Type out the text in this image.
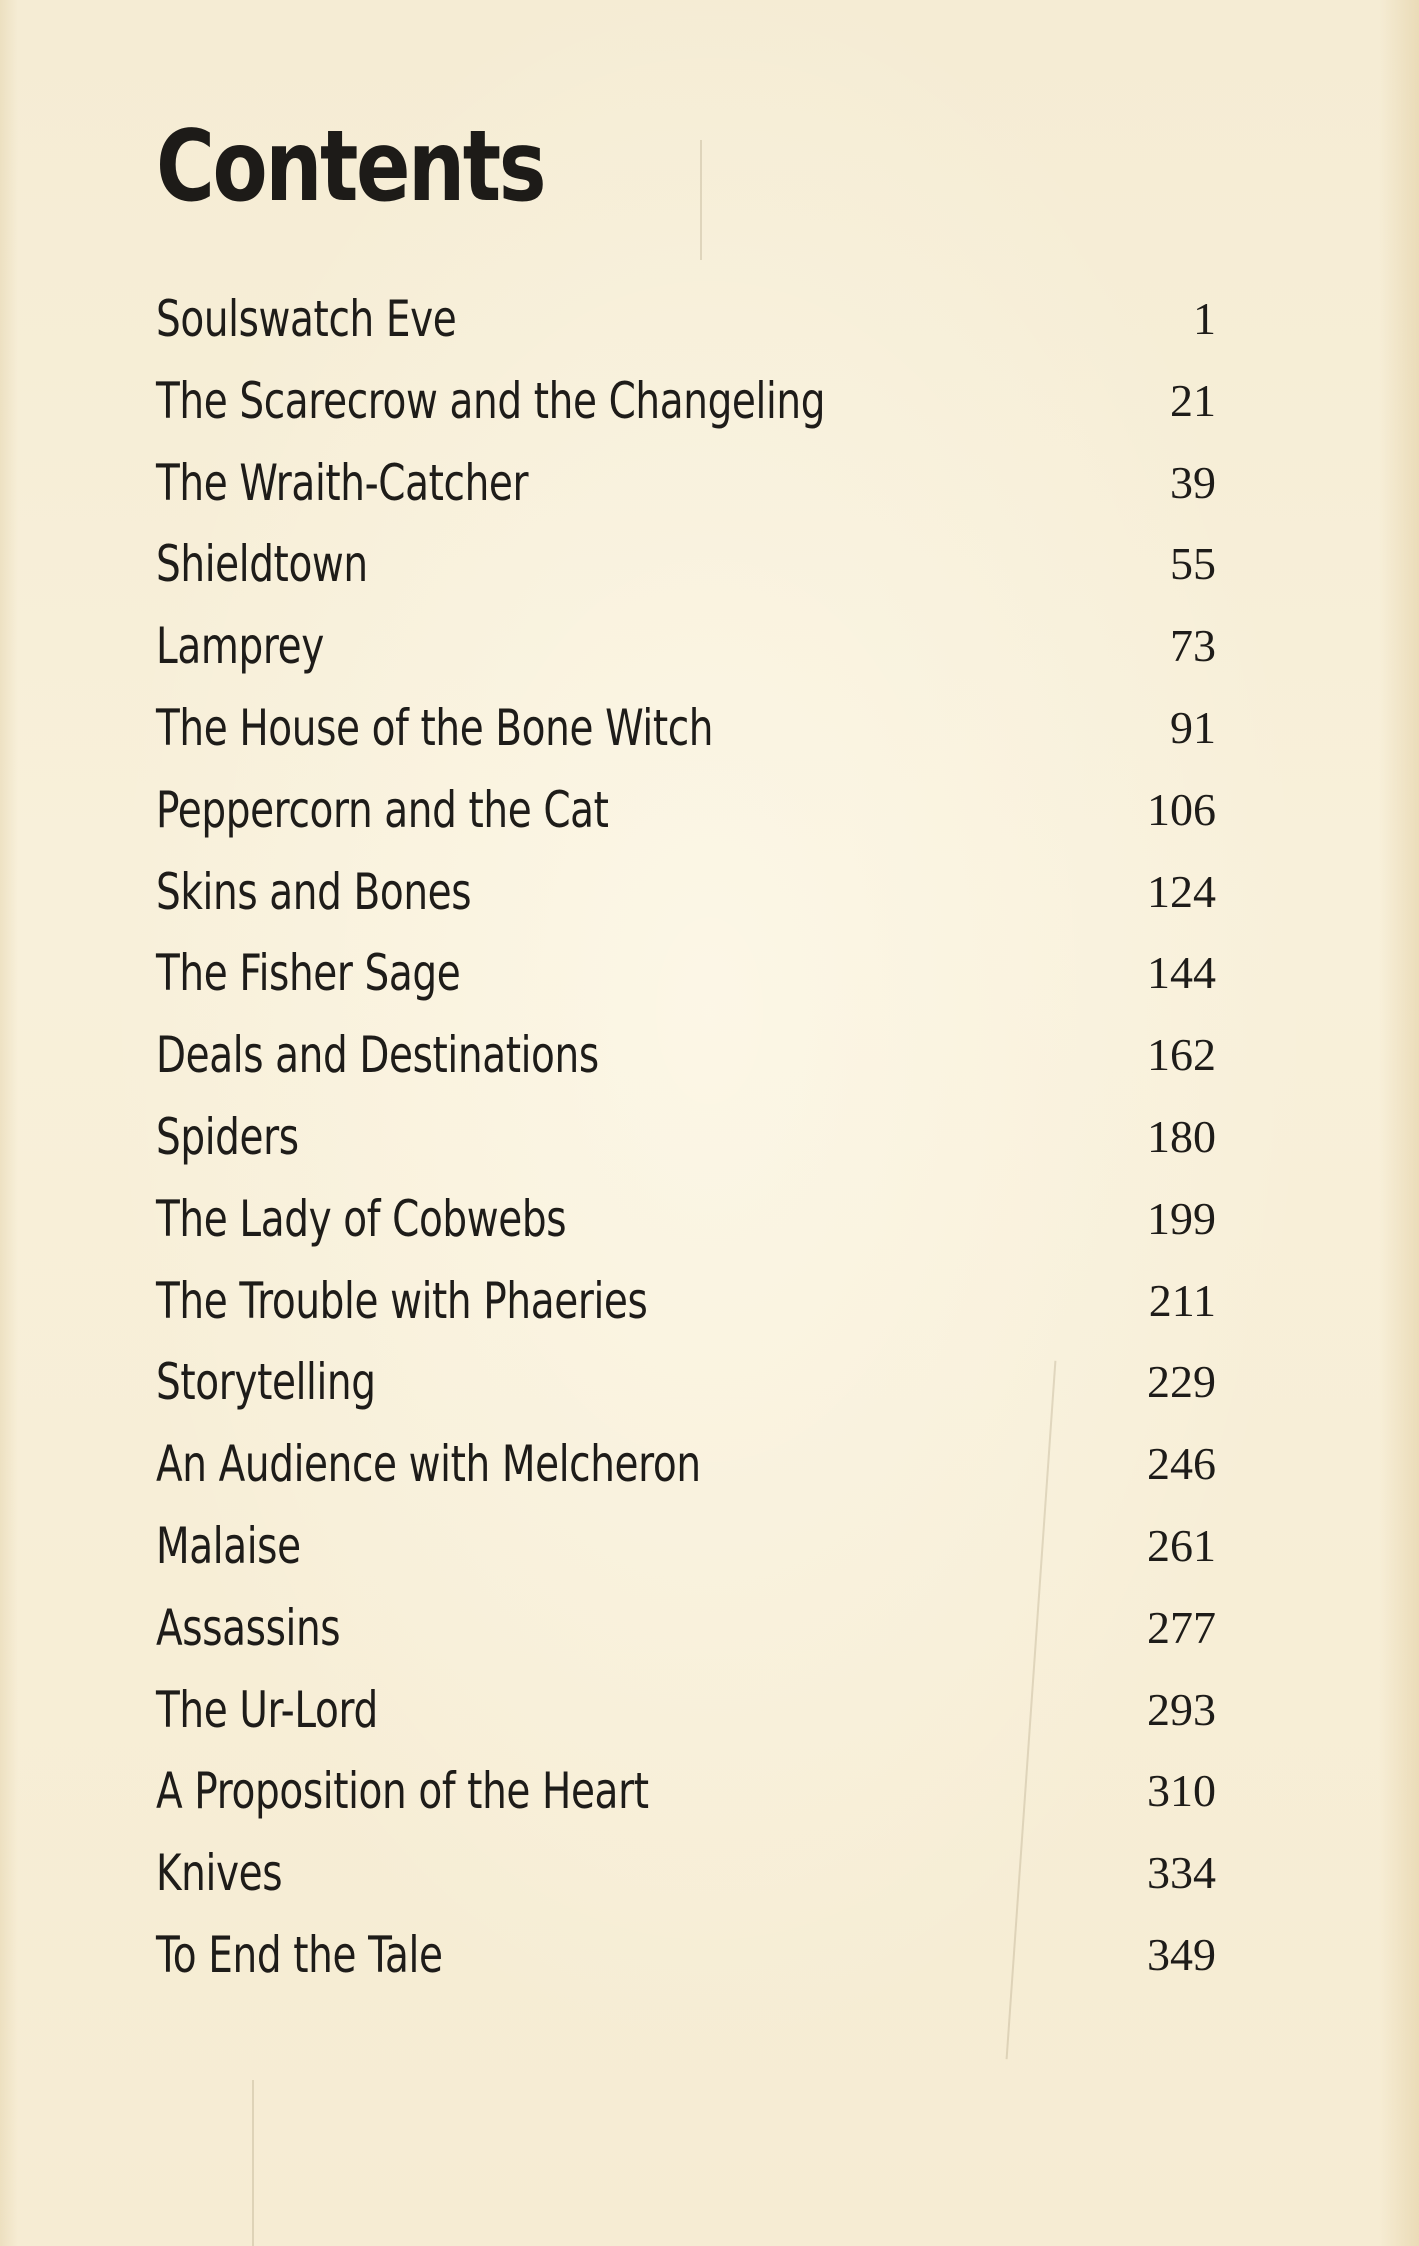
Contents
Soulswatch Eve	1
The Scarecrow and the Changeling	21
The Wraith-Catcher	39
Shieldtown	55
Lamprey	73
The House of the Bone Witch	91
Peppercorn and the Cat	106
Skins and Bones	124
The Fisher Sage	144
Deals and Destinations	162
Spiders	180
The Lady of Cobwebs	199
The Trouble with Phaeries	211
Storytelling	229
An Audience with Melcheron	246
Malaise	261
Assassins	277
The Ur-Lord	293
A Proposition of the Heart	310
Knives	334
To End the Tale	349
